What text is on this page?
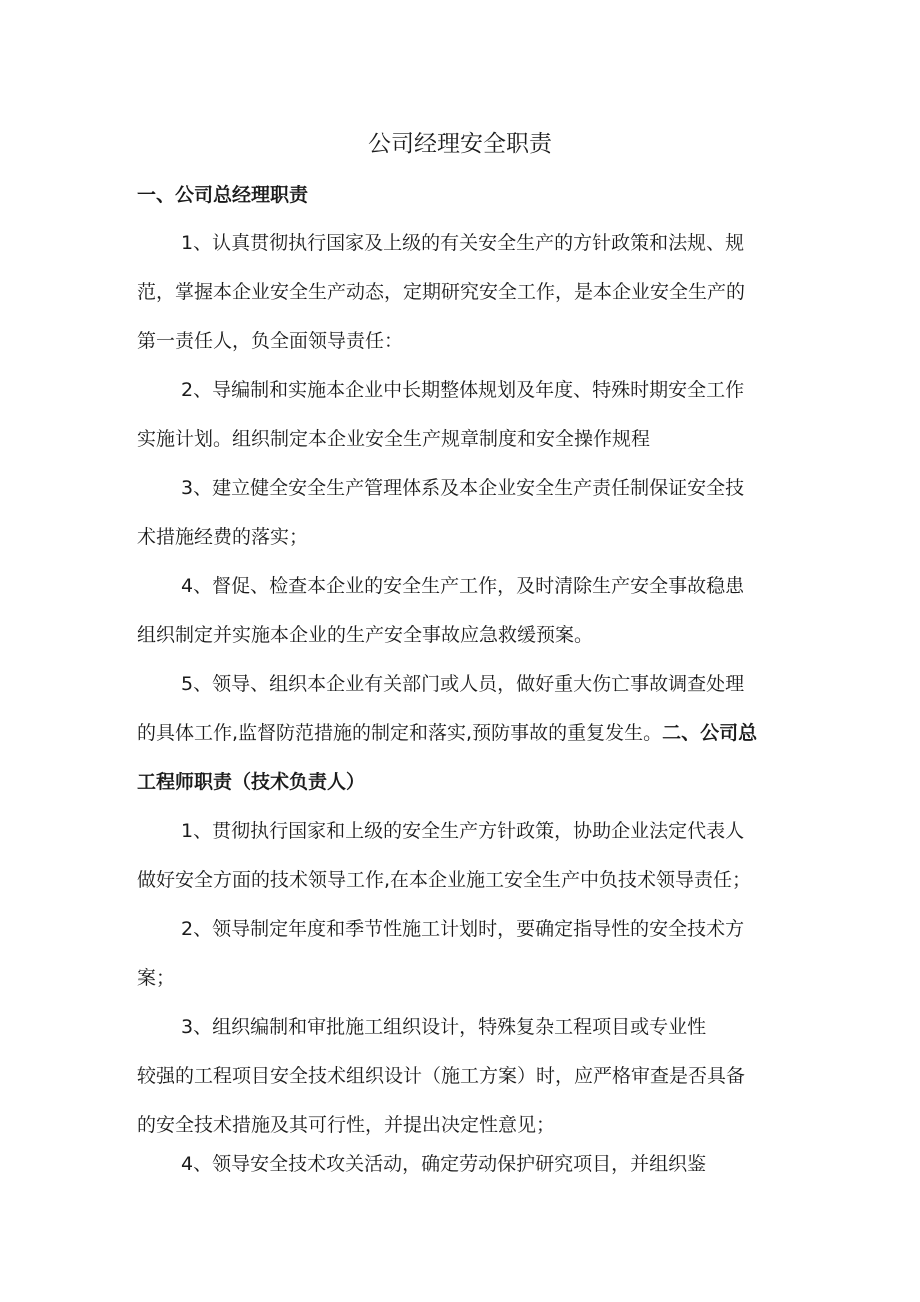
公司经理安全职责
一、公司总经理职责
1、认真贯彻执行国家及上级的有关安全生产的方针政策和法规、规
范，掌握本企业安全生产动态，定期研究安全工作，是本企业安全生产的
第一责任人，负全面领导责任：
2、导编制和实施本企业中长期整体规划及年度、特殊时期安全工作
实施计划。组织制定本企业安全生产规章制度和安全操作规程
3、建立健全安全生产管理体系及本企业安全生产责任制保证安全技
术措施经费的落实；
4、督促、检查本企业的安全生产工作，及时清除生产安全事故稳患
组织制定并实施本企业的生产安全事故应急救缓预案。
5、领导、组织本企业有关部门或人员，做好重大伤亡事故调查处理
的具体工作,监督防范措施的制定和落实,预防事故的重复发生。二、公司总
工程师职责（技术负责人）
1、贯彻执行国家和上级的安全生产方针政策，协助企业法定代表人
做好安全方面的技术领导工作,在本企业施工安全生产中负技术领导责任；
2、领导制定年度和季节性施工计划时，要确定指导性的安全技术方
案；
3、组织编制和审批施工组织设计，特殊复杂工程项目或专业性
较强的工程项目安全技术组织设计（施工方案）时，应严格审查是否具备
的安全技术措施及其可行性，并提出决定性意见；
4、领导安全技术攻关活动，确定劳动保护研究项目，并组织鉴
